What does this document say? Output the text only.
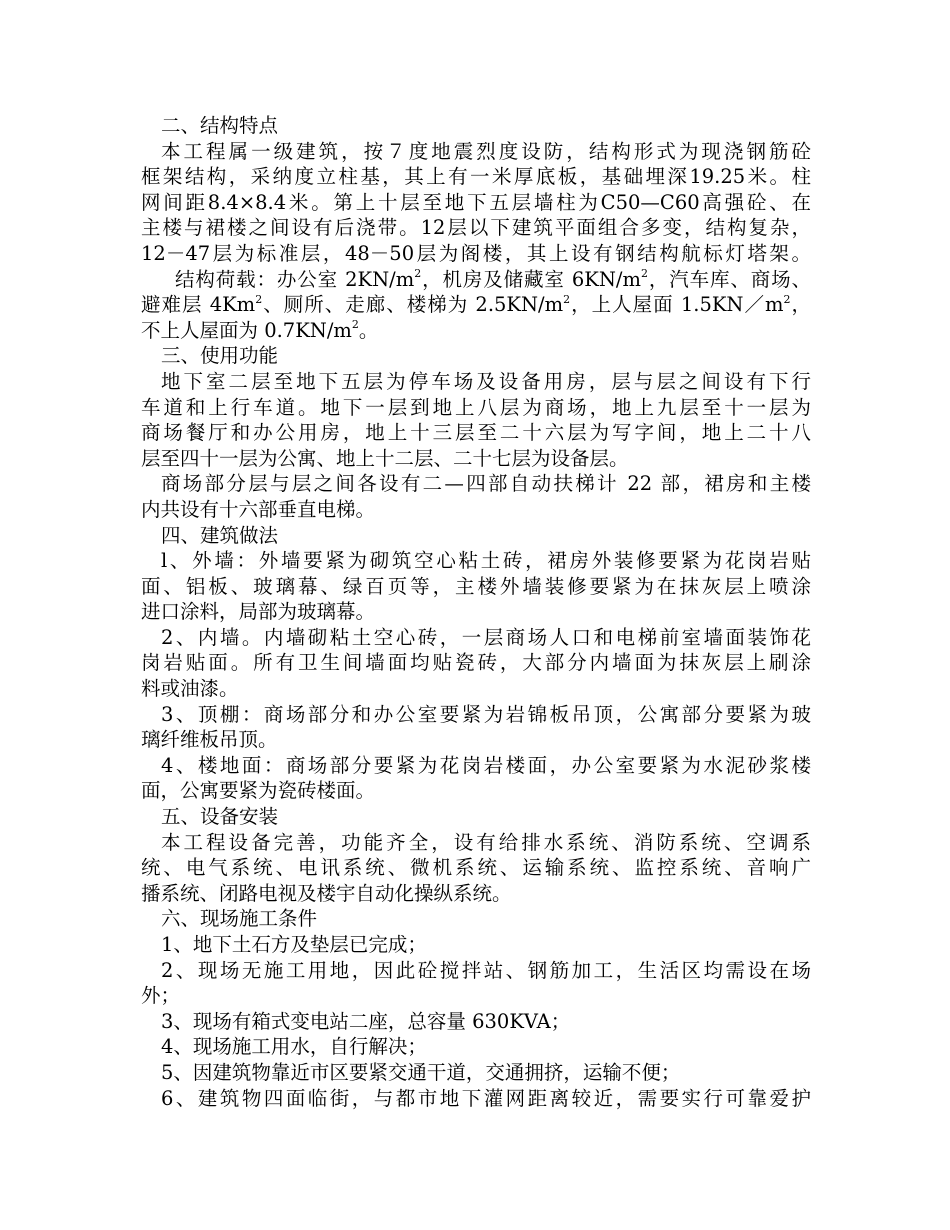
二、结构特点
本工程属一级建筑，按７度地震烈度设防，结构形式为现浇钢筋砼
框架结构，采纳度立柱基，其上有一米厚底板，基础埋深19.25米。柱
网间距8.4×8.4米。第上十层至地下五层墙柱为C50—C60高强砼、在
主楼与裙楼之间设有后浇带。12层以下建筑平面组合多变，结构复杂，
12－47层为标准层，48－50层为阁楼，其上设有钢结构航标灯塔架。
结构荷载：办公室 $2KN/m^2$，机房及储藏室 $6KN/m^2$，汽车库、商场、
避难层 4Km$^2$、厕所、走廊、楼梯为 $2.5KN/m^2$，上人屋面 $1.5KN/m^2$，
不上人屋面为 $0.7KN/m^2$。
三、使用功能
地下室二层至地下五层为停车场及设备用房，层与层之间设有下行
车道和上行车道。地下一层到地上八层为商场，地上九层至十一层为
商场餐厅和办公用房，地上十三层至二十六层为写字间，地上二十八
层至四十一层为公寓、地上十二层、二十七层为设备层。
商场部分层与层之间各设有二—四部自动扶梯计 22 部，裙房和主楼
内共设有十六部垂直电梯。
四、建筑做法
l、外墙：外墙要紧为砌筑空心粘土砖，裙房外装修要紧为花岗岩贴
面、铝板、玻璃幕、绿百页等，主楼外墙装修要紧为在抹灰层上喷涂
进口涂料，局部为玻璃幕。
2、内墙。内墙砌粘土空心砖，一层商场人口和电梯前室墙面装饰花
岗岩贴面。所有卫生间墙面均贴瓷砖，大部分内墙面为抹灰层上刷涂
料或油漆。
3、顶棚：商场部分和办公室要紧为岩锦板吊顶，公寓部分要紧为玻
璃纤维板吊顶。
4、楼地面：商场部分要紧为花岗岩楼面，办公室要紧为水泥砂浆楼
面，公寓要紧为瓷砖楼面。
五、设备安装
本工程设备完善，功能齐全，设有给排水系统、消防系统、空调系
统、电气系统、电讯系统、微机系统、运输系统、监控系统、音响广
播系统、闭路电视及楼宇自动化操纵系统。
六、现场施工条件
1、地下土石方及垫层已完成；
2、现场无施工用地，因此砼搅拌站、钢筋加工，生活区均需设在场
外；
3、现场有箱式变电站二座，总容量 630KVA；
4、现场施工用水，自行解决；
5、因建筑物靠近市区要紧交通干道，交通拥挤，运输不便；
6、建筑物四面临街，与都市地下灌网距离较近，需要实行可靠爱护
